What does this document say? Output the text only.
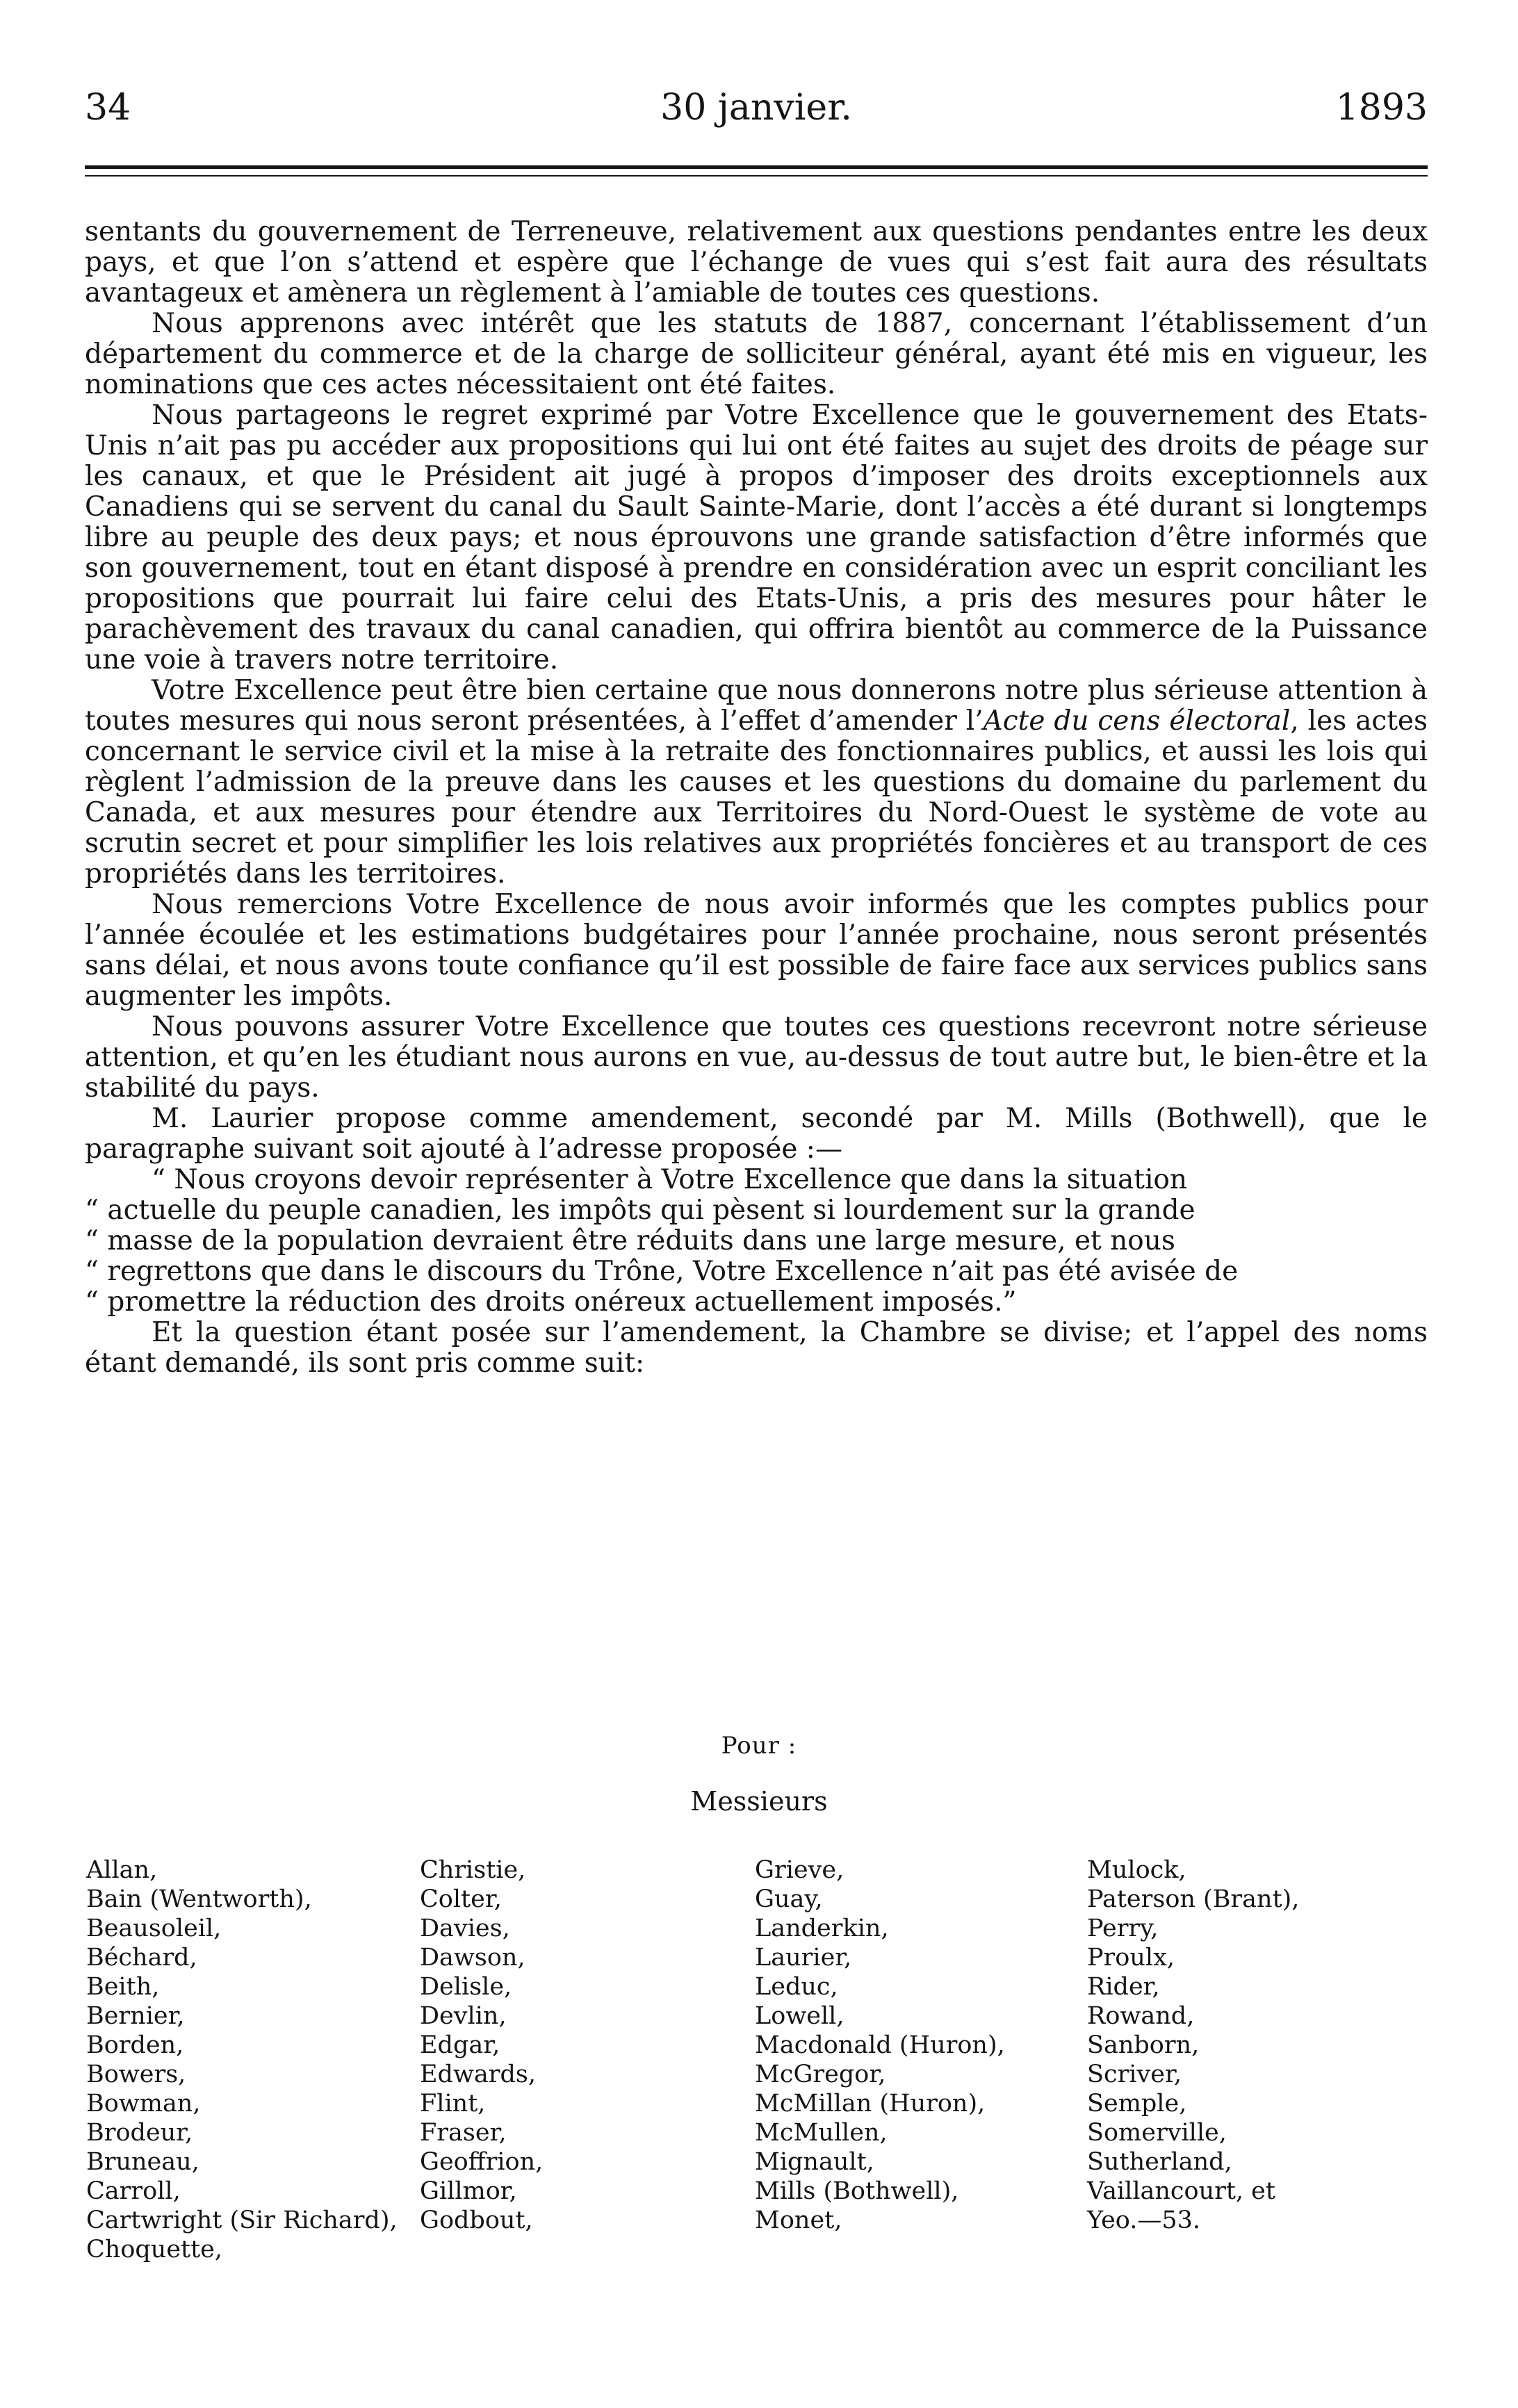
34	30 janvier.	1893

sentants du gouvernement de Terreneuve, relativement aux questions pendantes entre les deux pays, et que l’on s’attend et espère que l’échange de vues qui s’est fait aura des résultats avantageux et amènera un règlement à l’amiable de toutes ces questions.

Nous apprenons avec intérêt que les statuts de 1887, concernant l’établissement d’un département du commerce et de la charge de solliciteur général, ayant été mis en vigueur, les nominations que ces actes nécessitaient ont été faites.

Nous partageons le regret exprimé par Votre Excellence que le gouvernement des Etats-Unis n’ait pas pu accéder aux propositions qui lui ont été faites au sujet des droits de péage sur les canaux, et que le Président ait jugé à propos d’imposer des droits exceptionnels aux Canadiens qui se servent du canal du Sault Sainte-Marie, dont l’accès a été durant si longtemps libre au peuple des deux pays; et nous éprouvons une grande satisfaction d’être informés que son gouvernement, tout en étant disposé à prendre en considération avec un esprit conciliant les propositions que pourrait lui faire celui des Etats-Unis, a pris des mesures pour hâter le parachèvement des travaux du canal canadien, qui offrira bientôt au commerce de la Puissance une voie à travers notre territoire.

Votre Excellence peut être bien certaine que nous donnerons notre plus sérieuse attention à toutes mesures qui nous seront présentées, à l’effet d’amender l’Acte du cens électoral, les actes concernant le service civil et la mise à la retraite des fonctionnaires publics, et aussi les lois qui règlent l’admission de la preuve dans les causes et les questions du domaine du parlement du Canada, et aux mesures pour étendre aux Territoires du Nord-Ouest le système de vote au scrutin secret et pour simplifier les lois relatives aux propriétés foncières et au transport de ces propriétés dans les territoires.

Nous remercions Votre Excellence de nous avoir informés que les comptes publics pour l’année écoulée et les estimations budgétaires pour l’année prochaine, nous seront présentés sans délai, et nous avons toute confiance qu’il est possible de faire face aux services publics sans augmenter les impôts.

Nous pouvons assurer Votre Excellence que toutes ces questions recevront notre sérieuse attention, et qu’en les étudiant nous aurons en vue, au-dessus de tout autre but, le bien-être et la stabilité du pays.

M. Laurier propose comme amendement, secondé par M. Mills (Bothwell), que le paragraphe suivant soit ajouté à l’adresse proposée :—

“ Nous croyons devoir représenter à Votre Excellence que dans la situation
“ actuelle du peuple canadien, les impôts qui pèsent si lourdement sur la grande
“ masse de la population devraient être réduits dans une large mesure, et nous
“ regrettons que dans le discours du Trône, Votre Excellence n’ait pas été avisée de
“ promettre la réduction des droits onéreux actuellement imposés.”

Et la question étant posée sur l’amendement, la Chambre se divise; et l’appel des noms étant demandé, ils sont pris comme suit:

Pour :
Messieurs
Allan,
Bain (Wentworth),
Beausoleil,
Béchard,
Beith,
Bernier,
Borden,
Bowers,
Bowman,
Brodeur,
Bruneau,
Carroll,
Cartwright (Sir Richard),
Choquette,
Christie,
Colter,
Davies,
Dawson,
Delisle,
Devlin,
Edgar,
Edwards,
Flint,
Fraser,
Geoffrion,
Gillmor,
Godbout,
Grieve,
Guay,
Landerkin,
Laurier,
Leduc,
Lowell,
Macdonald (Huron),
McGregor,
McMillan (Huron),
McMullen,
Mignault,
Mills (Bothwell),
Monet,
Mulock,
Paterson (Brant),
Perry,
Proulx,
Rider,
Rowand,
Sanborn,
Scriver,
Semple,
Somerville,
Sutherland,
Vaillancourt, et
Yeo.—53.
